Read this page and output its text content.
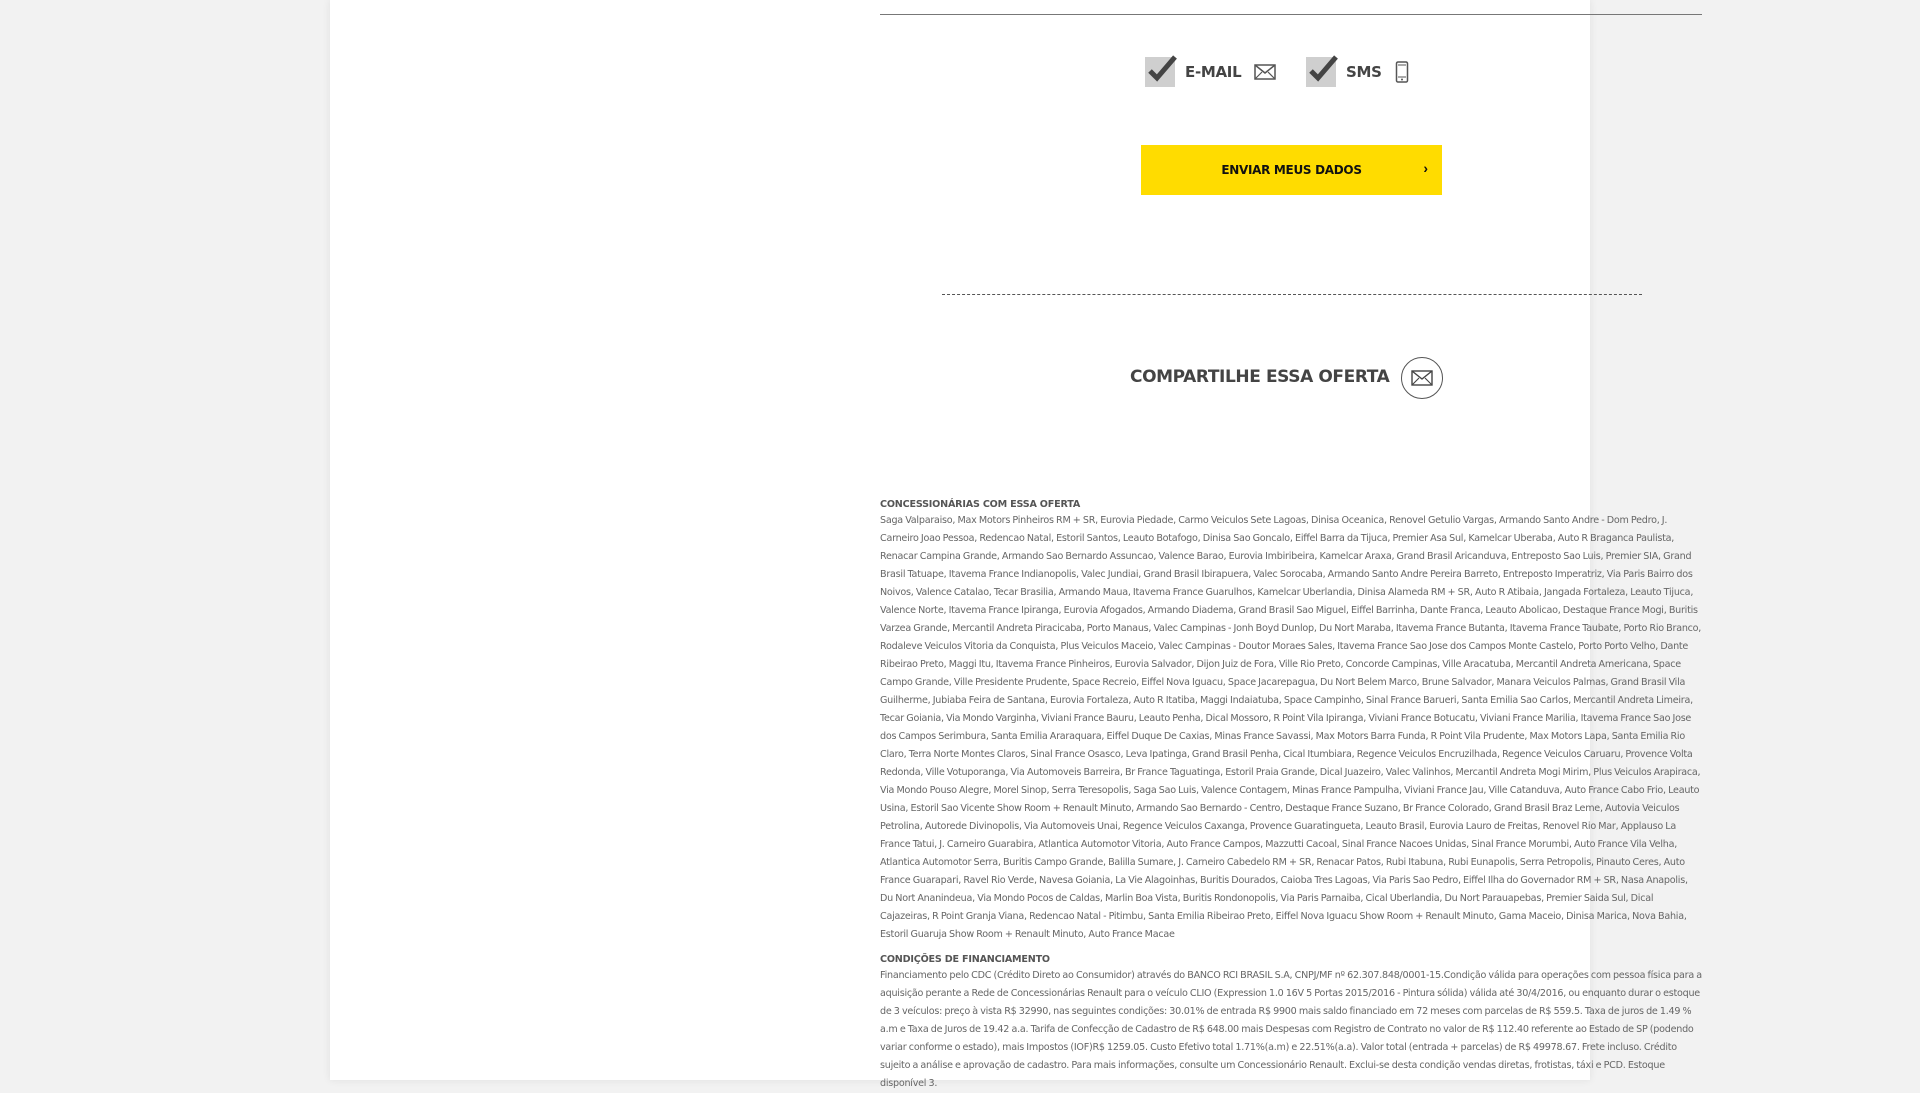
E-MAIL	SMS
ENVIAR MEUS DADOS	›
COMPARTILHE ESSA OFERTA
CONCESSIONÁRIAS COM ESSA OFERTA

Saga Valparaiso, Max Motors Pinheiros RM + SR, Eurovia Piedade, Carmo Veiculos Sete Lagoas, Dinisa Oceanica, Renovel Getulio Vargas, Armando Santo Andre - Dom Pedro, J. Carneiro Joao Pessoa, Redencao Natal, Estoril Santos, Leauto Botafogo, Dinisa Sao Goncalo, Eiffel Barra da Tijuca, Premier Asa Sul, Kamelcar Uberaba, Auto R Braganca Paulista, Renacar Campina Grande, Armando Sao Bernardo Assuncao, Valence Barao, Eurovia Imbiribeira, Kamelcar Araxa, Grand Brasil Aricanduva, Entreposto Sao Luis, Premier SIA, Grand Brasil Tatuape, Itavema France Indianopolis, Valec Jundiai, Grand Brasil Ibirapuera, Valec Sorocaba, Armando Santo Andre Pereira Barreto, Entreposto Imperatriz, Via Paris Bairro dos Noivos, Valence Catalao, Tecar Brasilia, Armando Maua, Itavema France Guarulhos, Kamelcar Uberlandia, Dinisa Alameda RM + SR, Auto R Atibaia, Jangada Fortaleza, Leauto Tijuca, Valence Norte, Itavema France Ipiranga, Eurovia Afogados, Armando Diadema, Grand Brasil Sao Miguel, Eiffel Barrinha, Dante Franca, Leauto Abolicao, Destaque France Mogi, Buritis Varzea Grande, Mercantil Andreta Piracicaba, Porto Manaus, Valec Campinas - Jonh Boyd Dunlop, Du Nort Maraba, Itavema France Butanta, Itavema France Taubate, Porto Rio Branco, Rodaleve Veiculos Vitoria da Conquista, Plus Veiculos Maceio, Valec Campinas - Doutor Moraes Sales, Itavema France Sao Jose dos Campos Monte Castelo, Porto Porto Velho, Dante Ribeirao Preto, Maggi Itu, Itavema France Pinheiros, Eurovia Salvador, Dijon Juiz de Fora, Ville Rio Preto, Concorde Campinas, Ville Aracatuba, Mercantil Andreta Americana, Space Campo Grande, Ville Presidente Prudente, Space Recreio, Eiffel Nova Iguacu, Space Jacarepagua, Du Nort Belem Marco, Brune Salvador, Manara Veiculos Palmas, Grand Brasil Vila Guilherme, Jubiaba Feira de Santana, Eurovia Fortaleza, Auto R Itatiba, Maggi Indaiatuba, Space Campinho, Sinal France Barueri, Santa Emilia Sao Carlos, Mercantil Andreta Limeira, Tecar Goiania, Via Mondo Varginha, Viviani France Bauru, Leauto Penha, Dical Mossoro, R Point Vila Ipiranga, Viviani France Botucatu, Viviani France Marilia, Itavema France Sao Jose dos Campos Serimbura, Santa Emilia Araraquara, Eiffel Duque De Caxias, Minas France Savassi, Max Motors Barra Funda, R Point Vila Prudente, Max Motors Lapa, Santa Emilia Rio Claro, Terra Norte Montes Claros, Sinal France Osasco, Leva Ipatinga, Grand Brasil Penha, Cical Itumbiara, Regence Veiculos Encruzilhada, Regence Veiculos Caruaru, Provence Volta Redonda, Ville Votuporanga, Via Automoveis Barreira, Br France Taguatinga, Estoril Praia Grande, Dical Juazeiro, Valec Valinhos, Mercantil Andreta Mogi Mirim, Plus Veiculos Arapiraca, Via Mondo Pouso Alegre, Morel Sinop, Serra Teresopolis, Saga Sao Luis, Valence Contagem, Minas France Pampulha, Viviani France Jau, Ville Catanduva, Auto France Cabo Frio, Leauto Usina, Estoril Sao Vicente Show Room + Renault Minuto, Armando Sao Bernardo - Centro, Destaque France Suzano, Br France Colorado, Grand Brasil Braz Leme, Autovia Veiculos Petrolina, Autorede Divinopolis, Via Automoveis Unai, Regence Veiculos Caxanga, Provence Guaratingueta, Leauto Brasil, Eurovia Lauro de Freitas, Renovel Rio Mar, Applauso La France Tatui, J. Carneiro Guarabira, Atlantica Automotor Vitoria, Auto France Campos, Mazzutti Cacoal, Sinal France Nacoes Unidas, Sinal France Morumbi, Auto France Vila Velha, Atlantica Automotor Serra, Buritis Campo Grande, Balilla Sumare, J. Carneiro Cabedelo RM + SR, Renacar Patos, Rubi Itabuna, Rubi Eunapolis, Serra Petropolis, Pinauto Ceres, Auto France Guarapari, Ravel Rio Verde, Navesa Goiania, La Vie Alagoinhas, Buritis Dourados, Caioba Tres Lagoas, Via Paris Sao Pedro, Eiffel Ilha do Governador RM + SR, Nasa Anapolis, Du Nort Ananindeua, Via Mondo Pocos de Caldas, Marlin Boa Vista, Buritis Rondonopolis, Via Paris Parnaiba, Cical Uberlandia, Du Nort Parauapebas, Premier Saida Sul, Dical Cajazeiras, R Point Granja Viana, Redencao Natal - Pitimbu, Santa Emilia Ribeirao Preto, Eiffel Nova Iguacu Show Room + Renault Minuto, Gama Maceio, Dinisa Marica, Nova Bahia, Estoril Guaruja Show Room + Renault Minuto, Auto France Macae

CONDIÇÕES DE FINANCIAMENTO

Financiamento pelo CDC (Crédito Direto ao Consumidor) através do BANCO RCI BRASIL S.A, CNPJ/MF nº 62.307.848/0001-15.Condição válida para operações com pessoa física para a aquisição perante a Rede de Concessionárias Renault para o veículo CLIO (Expression 1.0 16V 5 Portas 2015/2016 - Pintura sólida) válida até 30/4/2016, ou enquanto durar o estoque de 3 veículos: preço à vista R$ 32990, nas seguintes condições: 30.01% de entrada R$ 9900 mais saldo financiado em 72 meses com parcelas de R$ 559.5. Taxa de juros de 1.49 % a.m e Taxa de Juros de 19.42 a.a. Tarifa de Confecção de Cadastro de R$ 648.00 mais Despesas com Registro de Contrato no valor de R$ 112.40 referente ao Estado de SP (podendo variar conforme o estado), mais Impostos (IOF)R$ 1259.05. Custo Efetivo total 1.71%(a.m) e 22.51%(a.a). Valor total (entrada + parcelas) de R$ 49978.67. Frete incluso. Crédito sujeito a análise e aprovação de cadastro. Para mais informações, consulte um Concessionário Renault. Exclui-se desta condição vendas diretas, frotistas, táxi e PCD. Estoque disponível 3.
